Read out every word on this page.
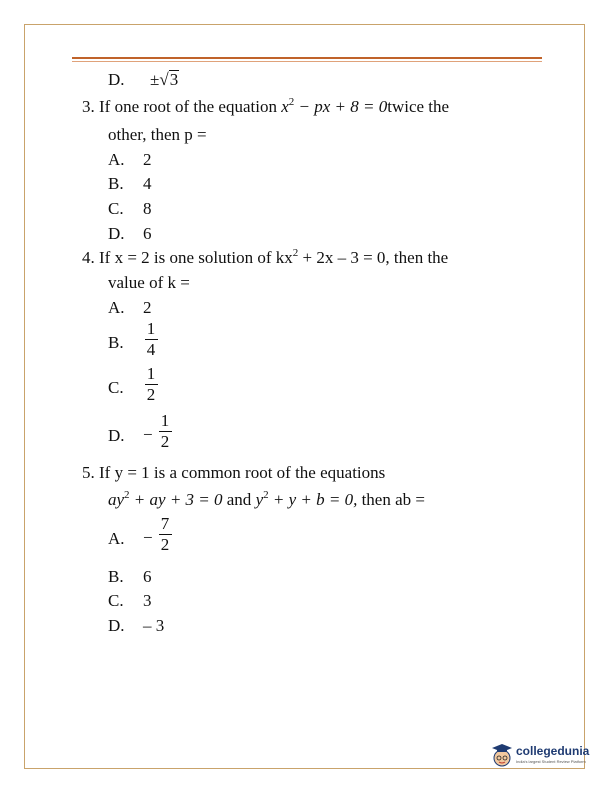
D. ±√3
3. If one root of the equation $x^2$ − px + 8 = 0twice the
other, then p =
A. 2
B. 4
C. 8
D. 6
4. If x = 2 is one solution of $kx^2 + 2x - 3 = 0$, then the
value of k =
A. 2
B.
1
4
C.
1
2
D. −
1
2
5. If y = 1 is a common root of the equations
$ay^2$ + ay + 3 = 0 and $y^2 + y + b = 0$, then ab =
A. −
7
2
B. 6
C. 3
D. – 3
collegedunia
India's largest Student Review Platform
